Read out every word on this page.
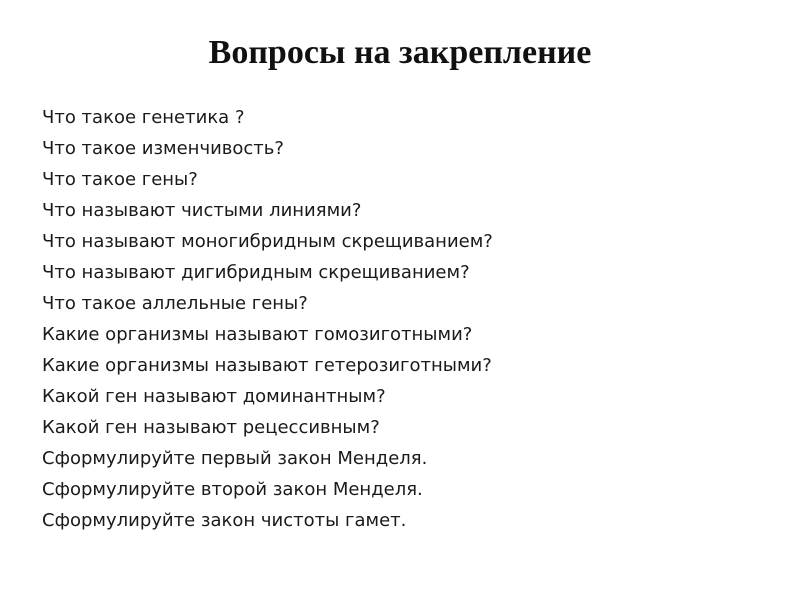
Вопросы на закрепление
Что такое генетика ?
Что такое изменчивость?
Что такое гены?
Что называют чистыми линиями?
Что называют моногибридным скрещиванием?
Что называют дигибридным скрещиванием?
Что такое аллельные гены?
Какие организмы называют гомозиготными?
Какие организмы называют гетерозиготными?
Какой ген называют доминантным?
Какой ген называют рецессивным?
Сформулируйте первый закон Менделя.
Сформулируйте второй закон Менделя.
Сформулируйте закон чистоты гамет.
